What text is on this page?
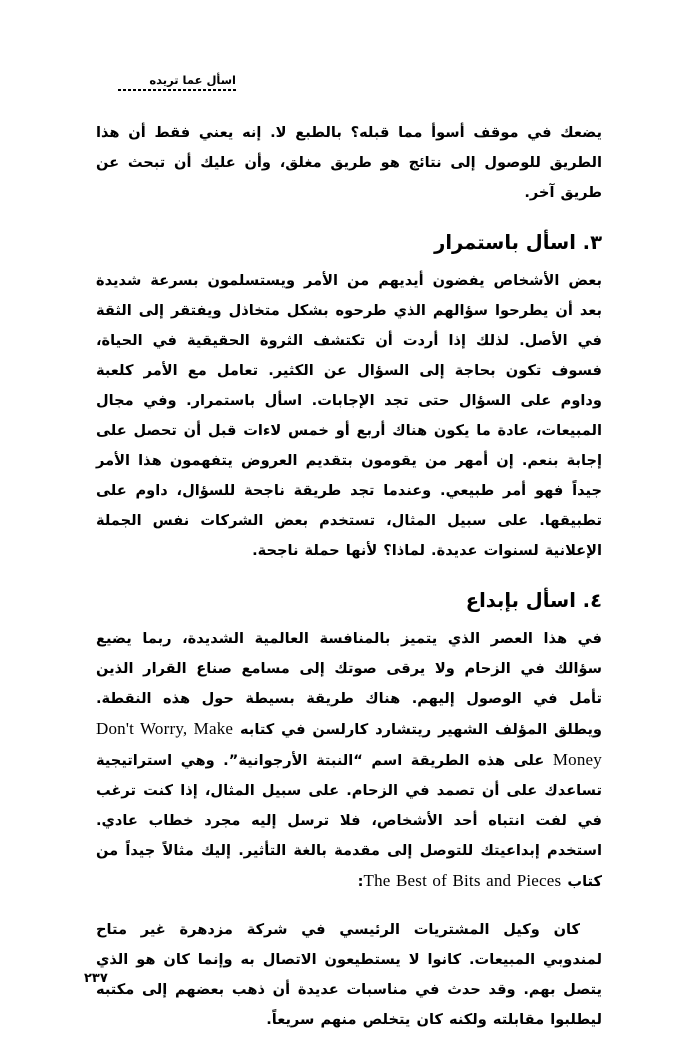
اسأل عما تريده

يضعك في موقف أسوأ مما قبله؟ بالطبع لا. إنه يعني فقط أن هذا الطريق للوصول إلى نتائج هو طريق مغلق، وأن عليك أن تبحث عن طريق آخر.

٣. اسأل باستمرار

بعض الأشخاص يفضون أيديهم من الأمر ويستسلمون بسرعة شديدة بعد أن يطرحوا سؤالهم الذي طرحوه بشكل متخاذل ويفتقر إلى الثقة في الأصل. لذلك إذا أردت أن تكتشف الثروة الحقيقية في الحياة، فسوف تكون بحاجة إلى السؤال عن الكثير. تعامل مع الأمر كلعبة وداوم على السؤال حتى تجد الإجابات. اسأل باستمرار. وفي مجال المبيعات، عادة ما يكون هناك أربع أو خمس لاءات قبل أن تحصل على إجابة بنعم. إن أمهر من يقومون بتقديم العروض يتفهمون هذا الأمر جيداً فهو أمر طبيعي. وعندما تجد طريقة ناجحة للسؤال، داوم على تطبيقها. على سبيل المثال، تستخدم بعض الشركات نفس الجملة الإعلانية لسنوات عديدة. لماذا؟ لأنها حملة ناجحة.

٤. اسأل بإبداع

في هذا العصر الذي يتميز بالمنافسة العالمية الشديدة، ربما يضيع سؤالك في الزحام ولا يرقى صوتك إلى مسامع صناع القرار الذين تأمل في الوصول إليهم. هناك طريقة بسيطة حول هذه النقطة. ويطلق المؤلف الشهير ريتشارد كارلسن في كتابه Don't Worry, Make Money على هذه الطريقة اسم “النبتة الأرجوانية”. وهي استراتيجية تساعدك على أن تصمد في الزحام. على سبيل المثال، إذا كنت ترغب في لفت انتباه أحد الأشخاص، فلا ترسل إليه مجرد خطاب عادي. استخدم إبداعيتك للتوصل إلى مقدمة بالغة التأثير. إليك مثالاً جيداً من كتاب The Best of Bits and Pieces:

كان وكيل المشتريات الرئيسي في شركة مزدهرة غير متاح لمندوبي المبيعات. كانوا لا يستطيعون الاتصال به وإنما كان هو الذي يتصل بهم. وقد حدث في مناسبات عديدة أن ذهب بعضهم إلى مكتبه ليطلبوا مقابلته ولكنه كان يتخلص منهم سريعاً.

٢٣٧
